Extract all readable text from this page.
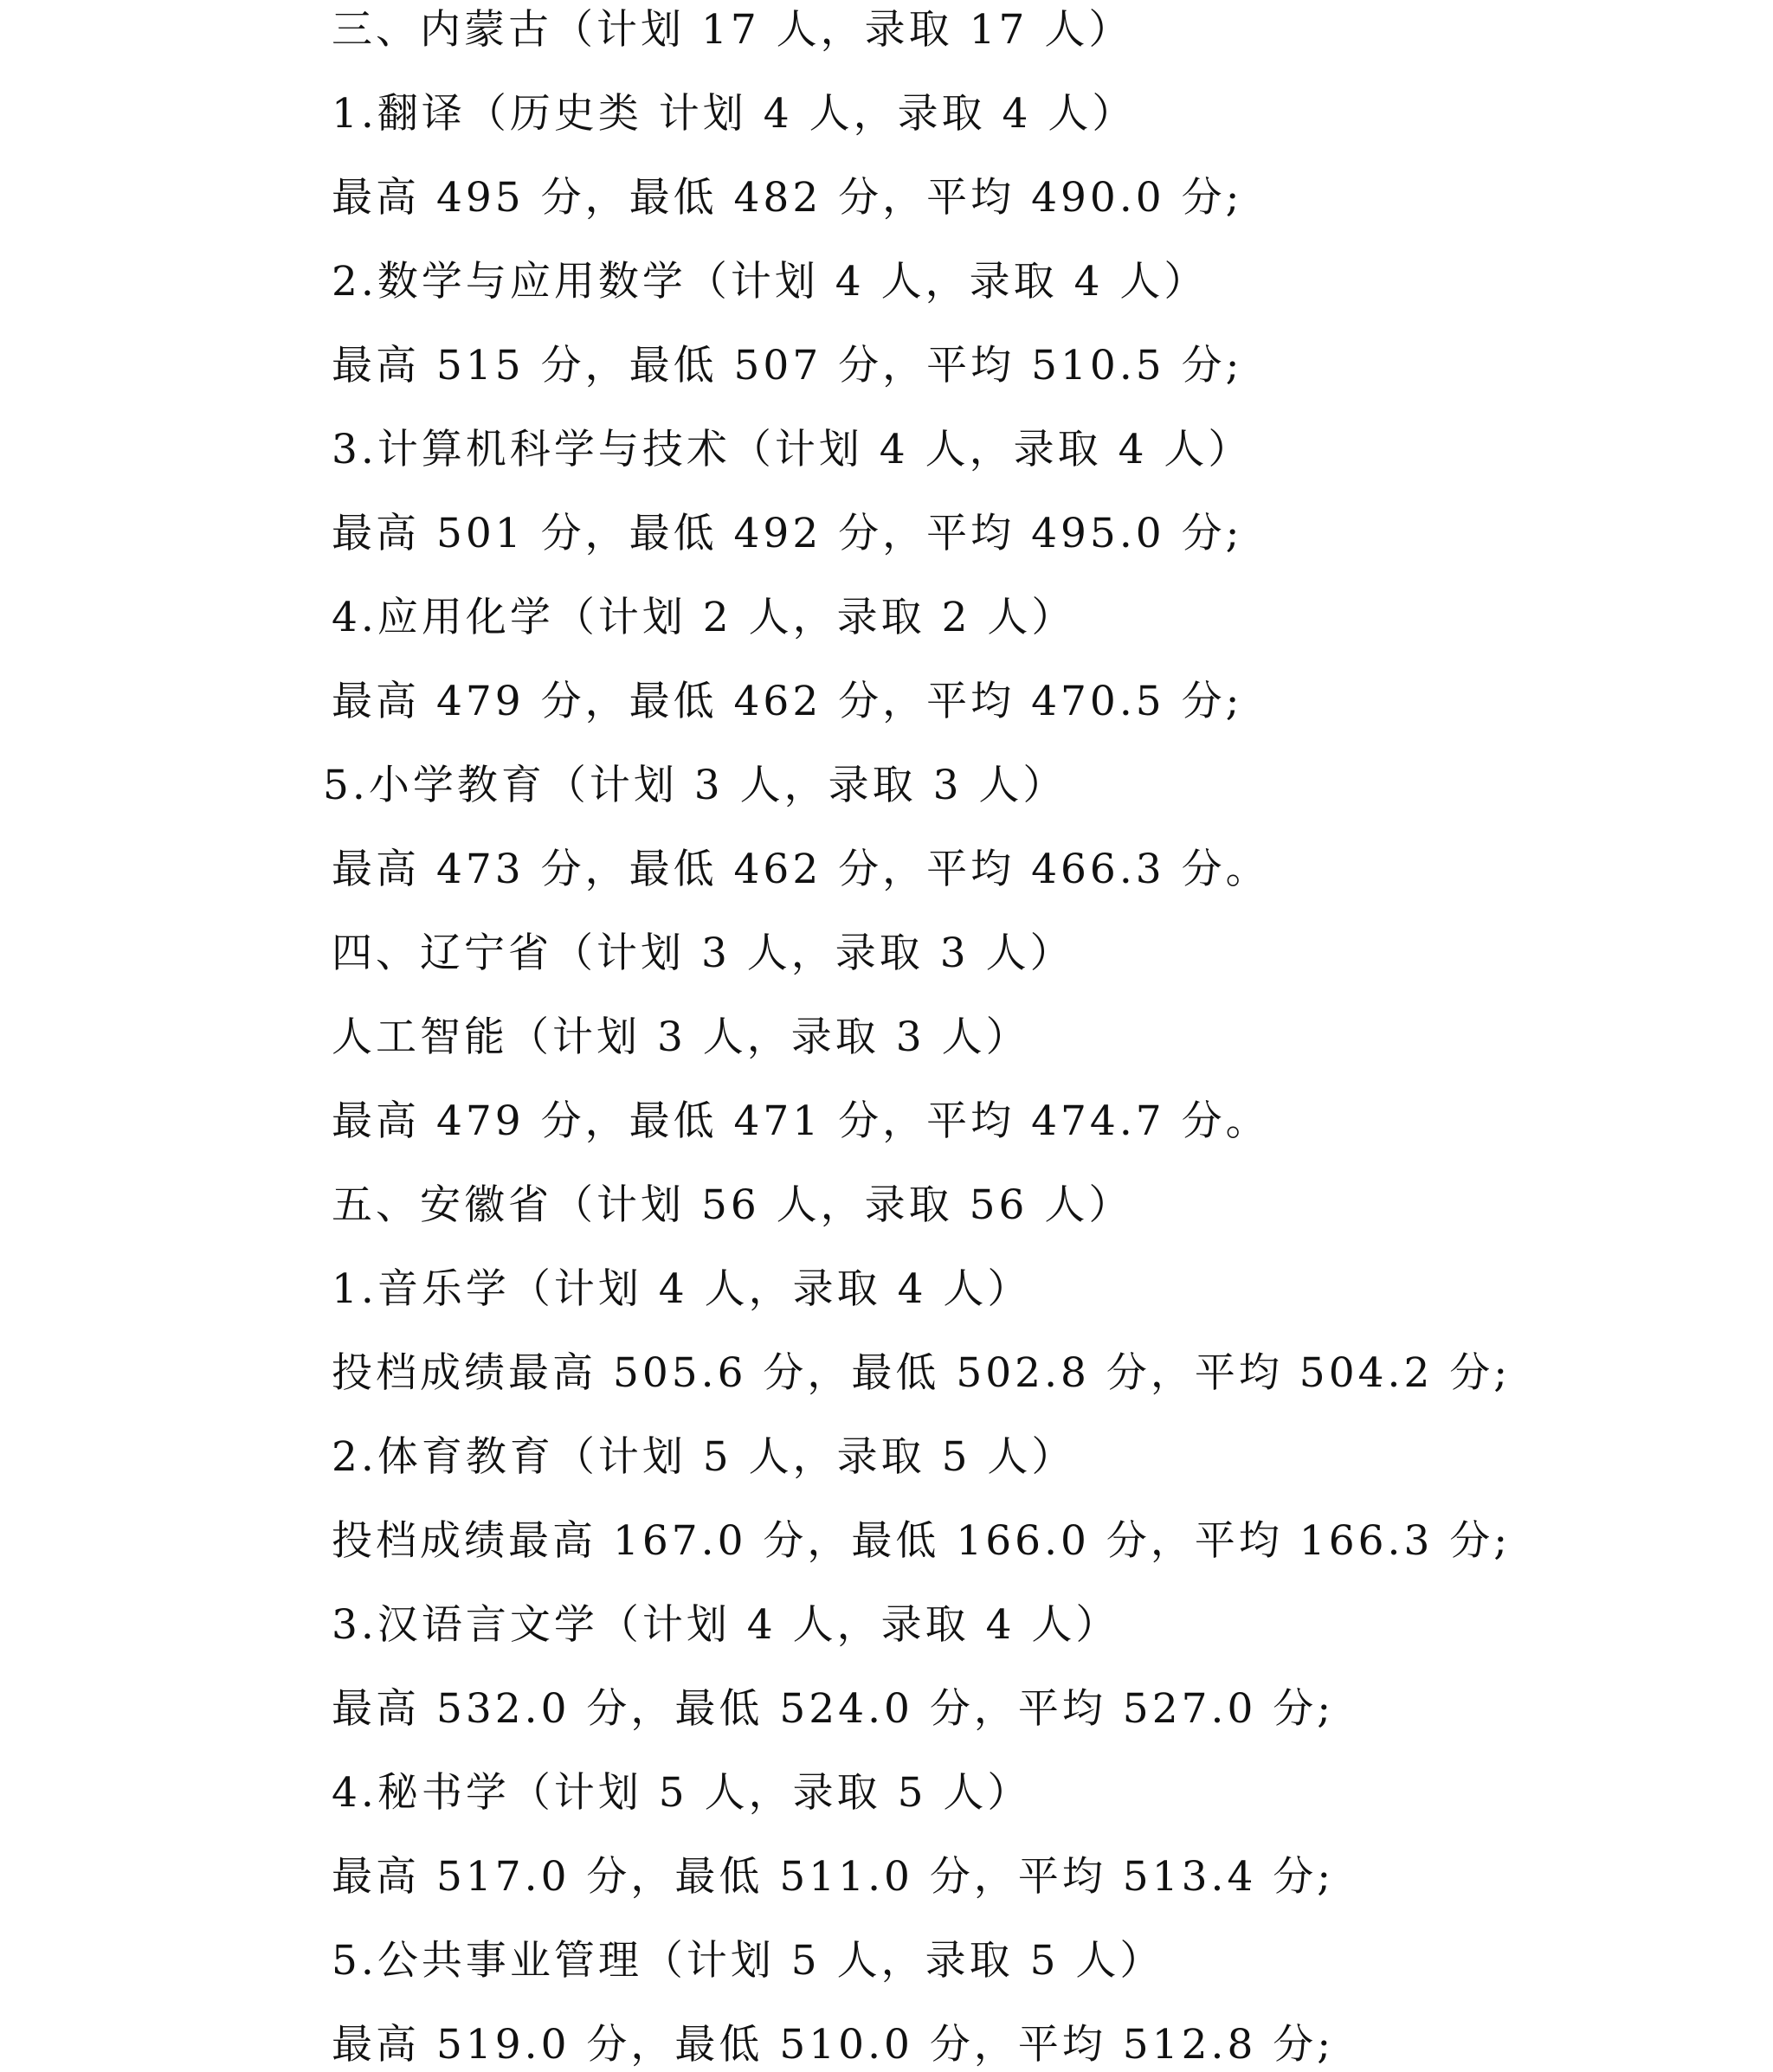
三、内蒙古（计划 17 人，录取 17 人）
1.翻译（历史类 计划 4 人，录取 4 人）
最高 495 分，最低 482 分，平均 490.0 分;
2.数学与应用数学（计划 4 人，录取 4 人）
最高 515 分，最低 507 分，平均 510.5 分;
3.计算机科学与技术（计划 4 人，录取 4 人）
最高 501 分，最低 492 分，平均 495.0 分;
4.应用化学（计划 2 人，录取 2 人）
最高 479 分，最低 462 分，平均 470.5 分;
5.小学教育（计划 3 人，录取 3 人）
最高 473 分，最低 462 分，平均 466.3 分。
四、辽宁省（计划 3 人，录取 3 人）
人工智能（计划 3 人，录取 3 人）
最高 479 分，最低 471 分，平均 474.7 分。
五、安徽省（计划 56 人，录取 56 人）
1.音乐学（计划 4 人，录取 4 人）
投档成绩最高 505.6 分，最低 502.8 分，平均 504.2 分;
2.体育教育（计划 5 人，录取 5 人）
投档成绩最高 167.0 分，最低 166.0 分，平均 166.3 分;
3.汉语言文学（计划 4 人，录取 4 人）
最高 532.0 分，最低 524.0 分，平均 527.0 分;
4.秘书学（计划 5 人，录取 5 人）
最高 517.0 分，最低 511.0 分，平均 513.4 分;
5.公共事业管理（计划 5 人，录取 5 人）
最高 519.0 分，最低 510.0 分，平均 512.8 分;
